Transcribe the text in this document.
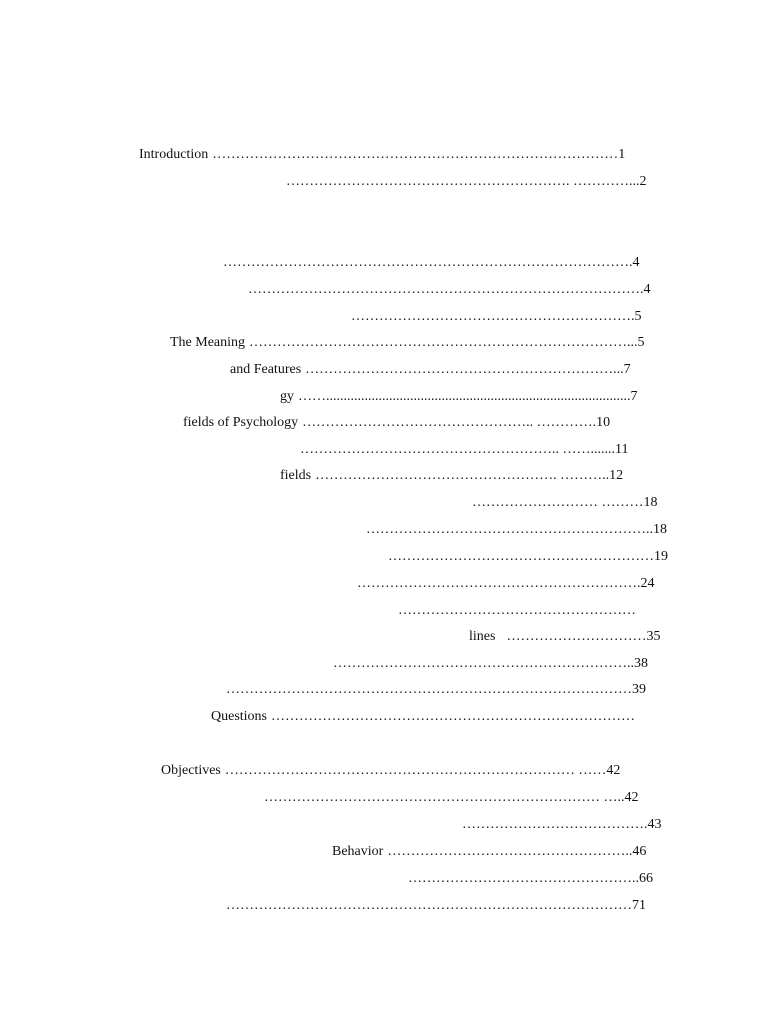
Introduction ……………………………………………………………………………1
……………………………………………………. …………...2
…………………………………………………………………………….4
………………………………………………………………………….4
…………………………………………………….5
The Meaning ………………………………………………………………………...5
and Features …………………………………………………………...7
gy …….......................................................................................7
fields of Psychology ………………………………………….. ………….10
……………………………………………….. …….......11
fields ……………………………………………. ………..12
……………………… ………18
……………………………………………………..18
…………………………………………………19
…………………………………………………….24
……………………………………………
lines  …………………………35
………………………………………………………..38
……………………………………………………………………………39
Questions ……………………………………………………………………
Objectives ………………………………………………………………… ……42
……………………………………………………………… …..42
………………………………….43
Behavior ……………………………………………..46
…………………………………………..66
……………………………………………………………………………71
